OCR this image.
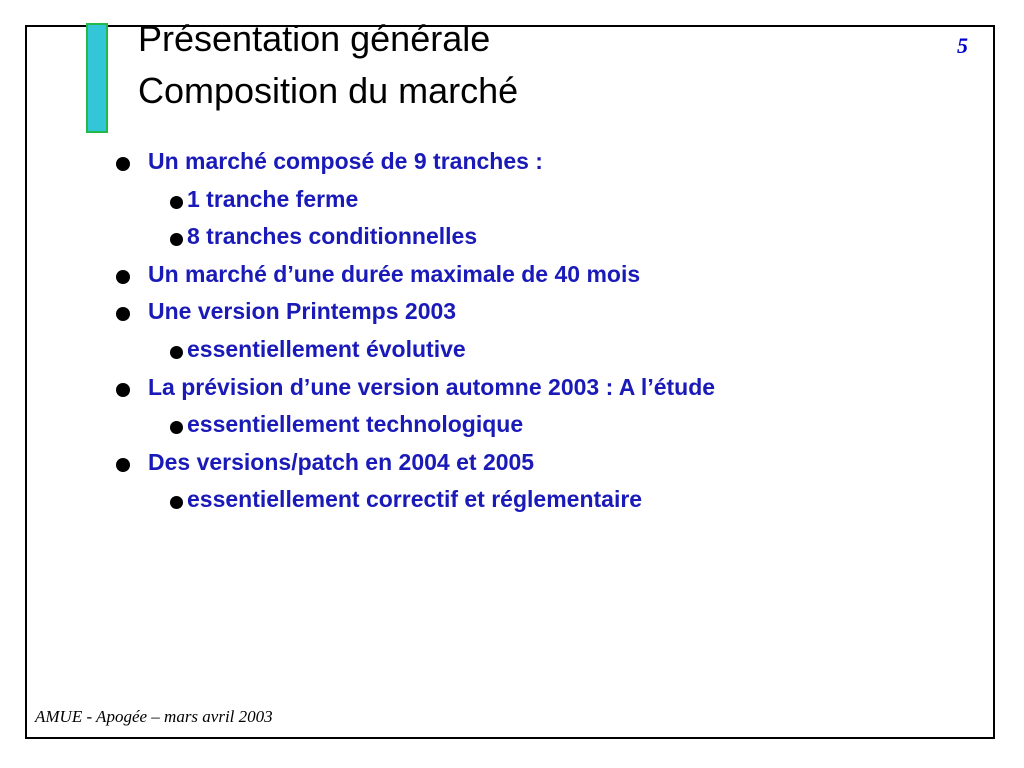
Présentation générale
Composition du marché
5
Un marché composé de 9 tranches :
1 tranche ferme
8 tranches conditionnelles
Un marché d’une durée maximale de 40 mois
Une version Printemps 2003
essentiellement évolutive
La prévision d’une version automne 2003 : A l’étude
essentiellement technologique
Des versions/patch en 2004 et 2005
essentiellement correctif et réglementaire
AMUE - Apogée – mars avril 2003
